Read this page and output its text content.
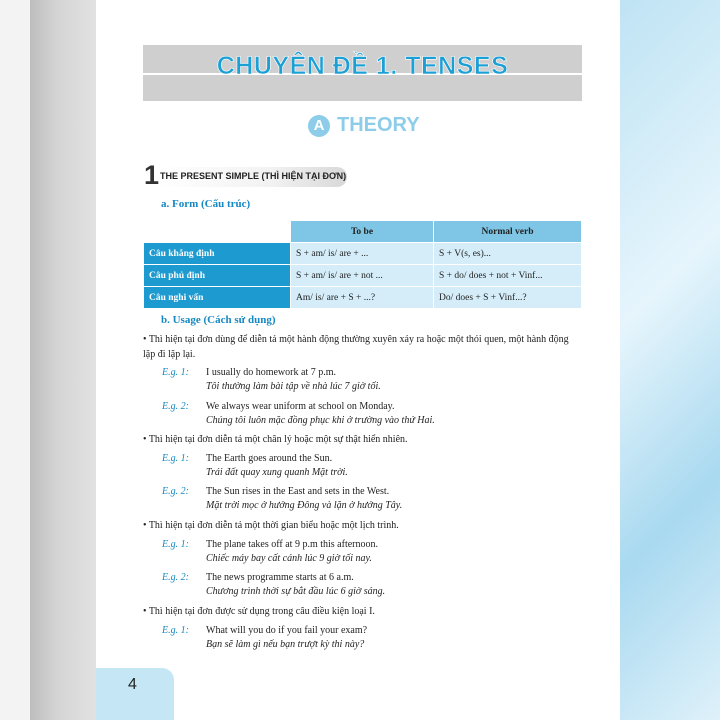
CHUYÊN ĐỀ 1. TENSES
A THEORY
1 THE PRESENT SIMPLE (THÌ HIỆN TẠI ĐƠN)
a. Form (Cấu trúc)
	To be	Normal verb
Câu khẳng định	S + am/ is/ are + ...	S + V(s, es)...
Câu phủ định	S + am/ is/ are + not ...	S + do/ does + not + Vinf...
Câu nghi vấn	Am/ is/ are + S + ...?	Do/ does + S + Vinf...?
b. Usage (Cách sử dụng)
• Thì hiện tại đơn dùng để diễn tả một hành động thường xuyên xảy ra hoặc một thói quen, một hành động lặp đi lặp lại.
E.g. 1: I usually do homework at 7 p.m.
Tôi thường làm bài tập về nhà lúc 7 giờ tối.
E.g. 2: We always wear uniform at school on Monday.
Chúng tôi luôn mặc đồng phục khi ở trường vào thứ Hai.
• Thì hiện tại đơn diễn tả một chân lý hoặc một sự thật hiển nhiên.
E.g. 1: The Earth goes around the Sun.
Trái đất quay xung quanh Mặt trời.
E.g. 2: The Sun rises in the East and sets in the West.
Mặt trời mọc ở hướng Đông và lặn ở hướng Tây.
• Thì hiện tại đơn diễn tả một thời gian biểu hoặc một lịch trình.
E.g. 1: The plane takes off at 9 p.m this afternoon.
Chiếc máy bay cất cánh lúc 9 giờ tối nay.
E.g. 2: The news programme starts at 6 a.m.
Chương trình thời sự bắt đầu lúc 6 giờ sáng.
• Thì hiện tại đơn được sử dụng trong câu điều kiện loại I.
E.g. 1: What will you do if you fail your exam?
Bạn sẽ làm gì nếu bạn trượt kỳ thi này?
4
